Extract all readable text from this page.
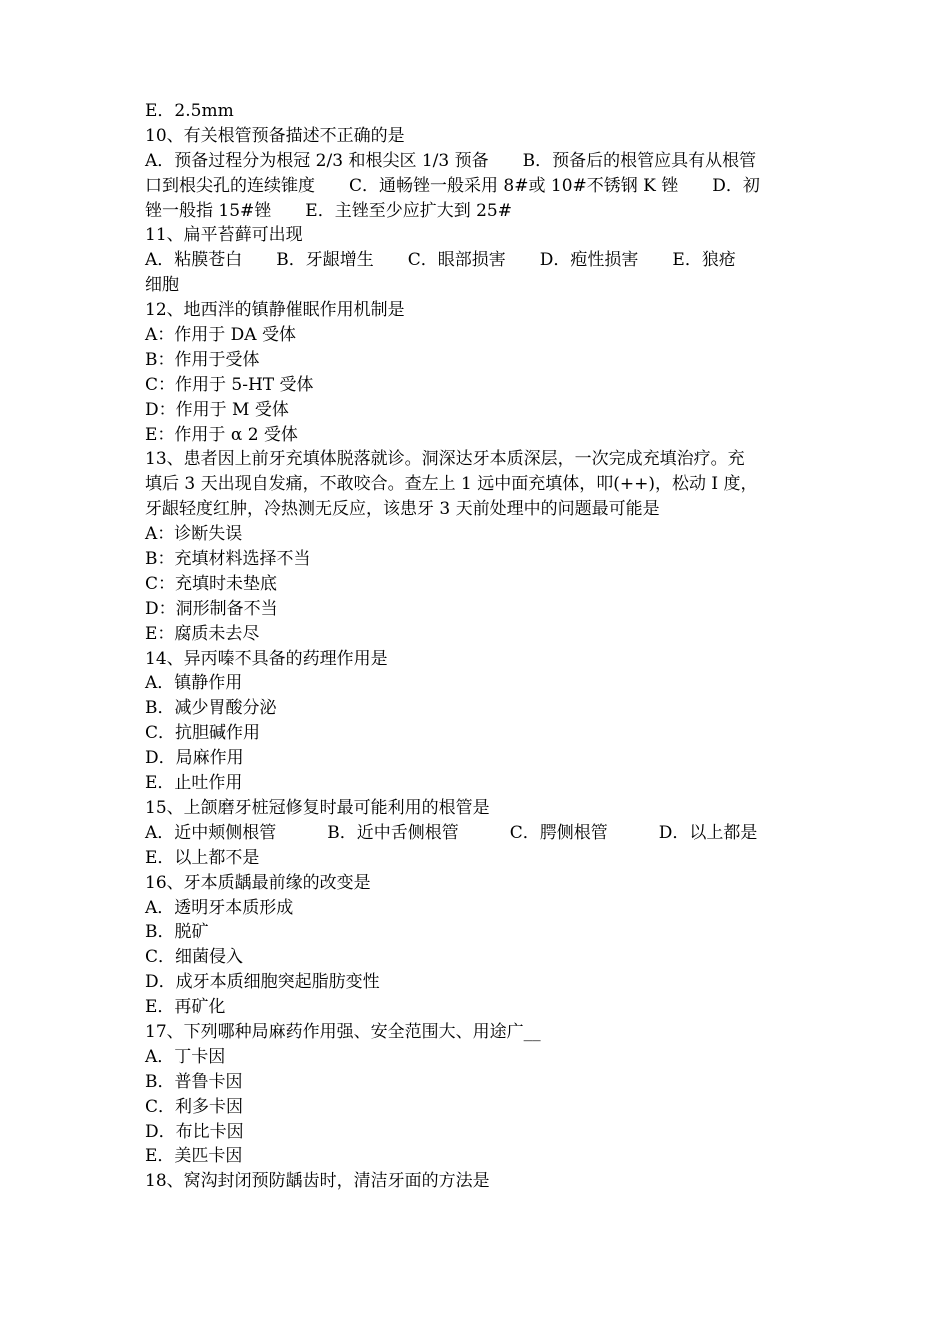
E．2.5mm
10、有关根管预备描述不正确的是
A．预备过程分为根冠 2/3 和根尖区 1/3 预备　　B．预备后的根管应具有从根管
口到根尖孔的连续锥度　　C．通畅锉一般采用 8#或 10#不锈钢 K 锉　　D．初
锉一般指 15#锉　　E．主锉至少应扩大到 25#
11、扁平苔藓可出现
A．粘膜苍白　　B．牙龈增生　　C．眼部损害　　D．疱性损害　　E．狼疮
细胞
12、地西泮的镇静催眠作用机制是
A：作用于 DA 受体
B：作用于受体
C：作用于 5-HT 受体
D：作用于 M 受体
E：作用于 α 2 受体
13、患者因上前牙充填体脱落就诊。洞深达牙本质深层，一次完成充填治疗。充
填后 3 天出现自发痛，不敢咬合。查左上 1 远中面充填体，叩(++)，松动 I 度，
牙龈轻度红肿，冷热测无反应，该患牙 3 天前处理中的问题最可能是
A：诊断失误
B：充填材料选择不当
C：充填时未垫底
D：洞形制备不当
E：腐质未去尽
14、异丙嗪不具备的药理作用是
A．镇静作用
B．减少胃酸分泌
C．抗胆碱作用
D．局麻作用
E．止吐作用
15、上颌磨牙桩冠修复时最可能利用的根管是
A．近中颊侧根管　　　B．近中舌侧根管　　　C．腭侧根管　　　D．以上都是
E．以上都不是
16、牙本质龋最前缘的改变是
A．透明牙本质形成
B．脱矿
C．细菌侵入
D．成牙本质细胞突起脂肪变性
E．再矿化
17、下列哪种局麻药作用强、安全范围大、用途广__
A．丁卡因
B．普鲁卡因
C．利多卡因
D．布比卡因
E．美匹卡因
18、窝沟封闭预防龋齿时，清洁牙面的方法是
